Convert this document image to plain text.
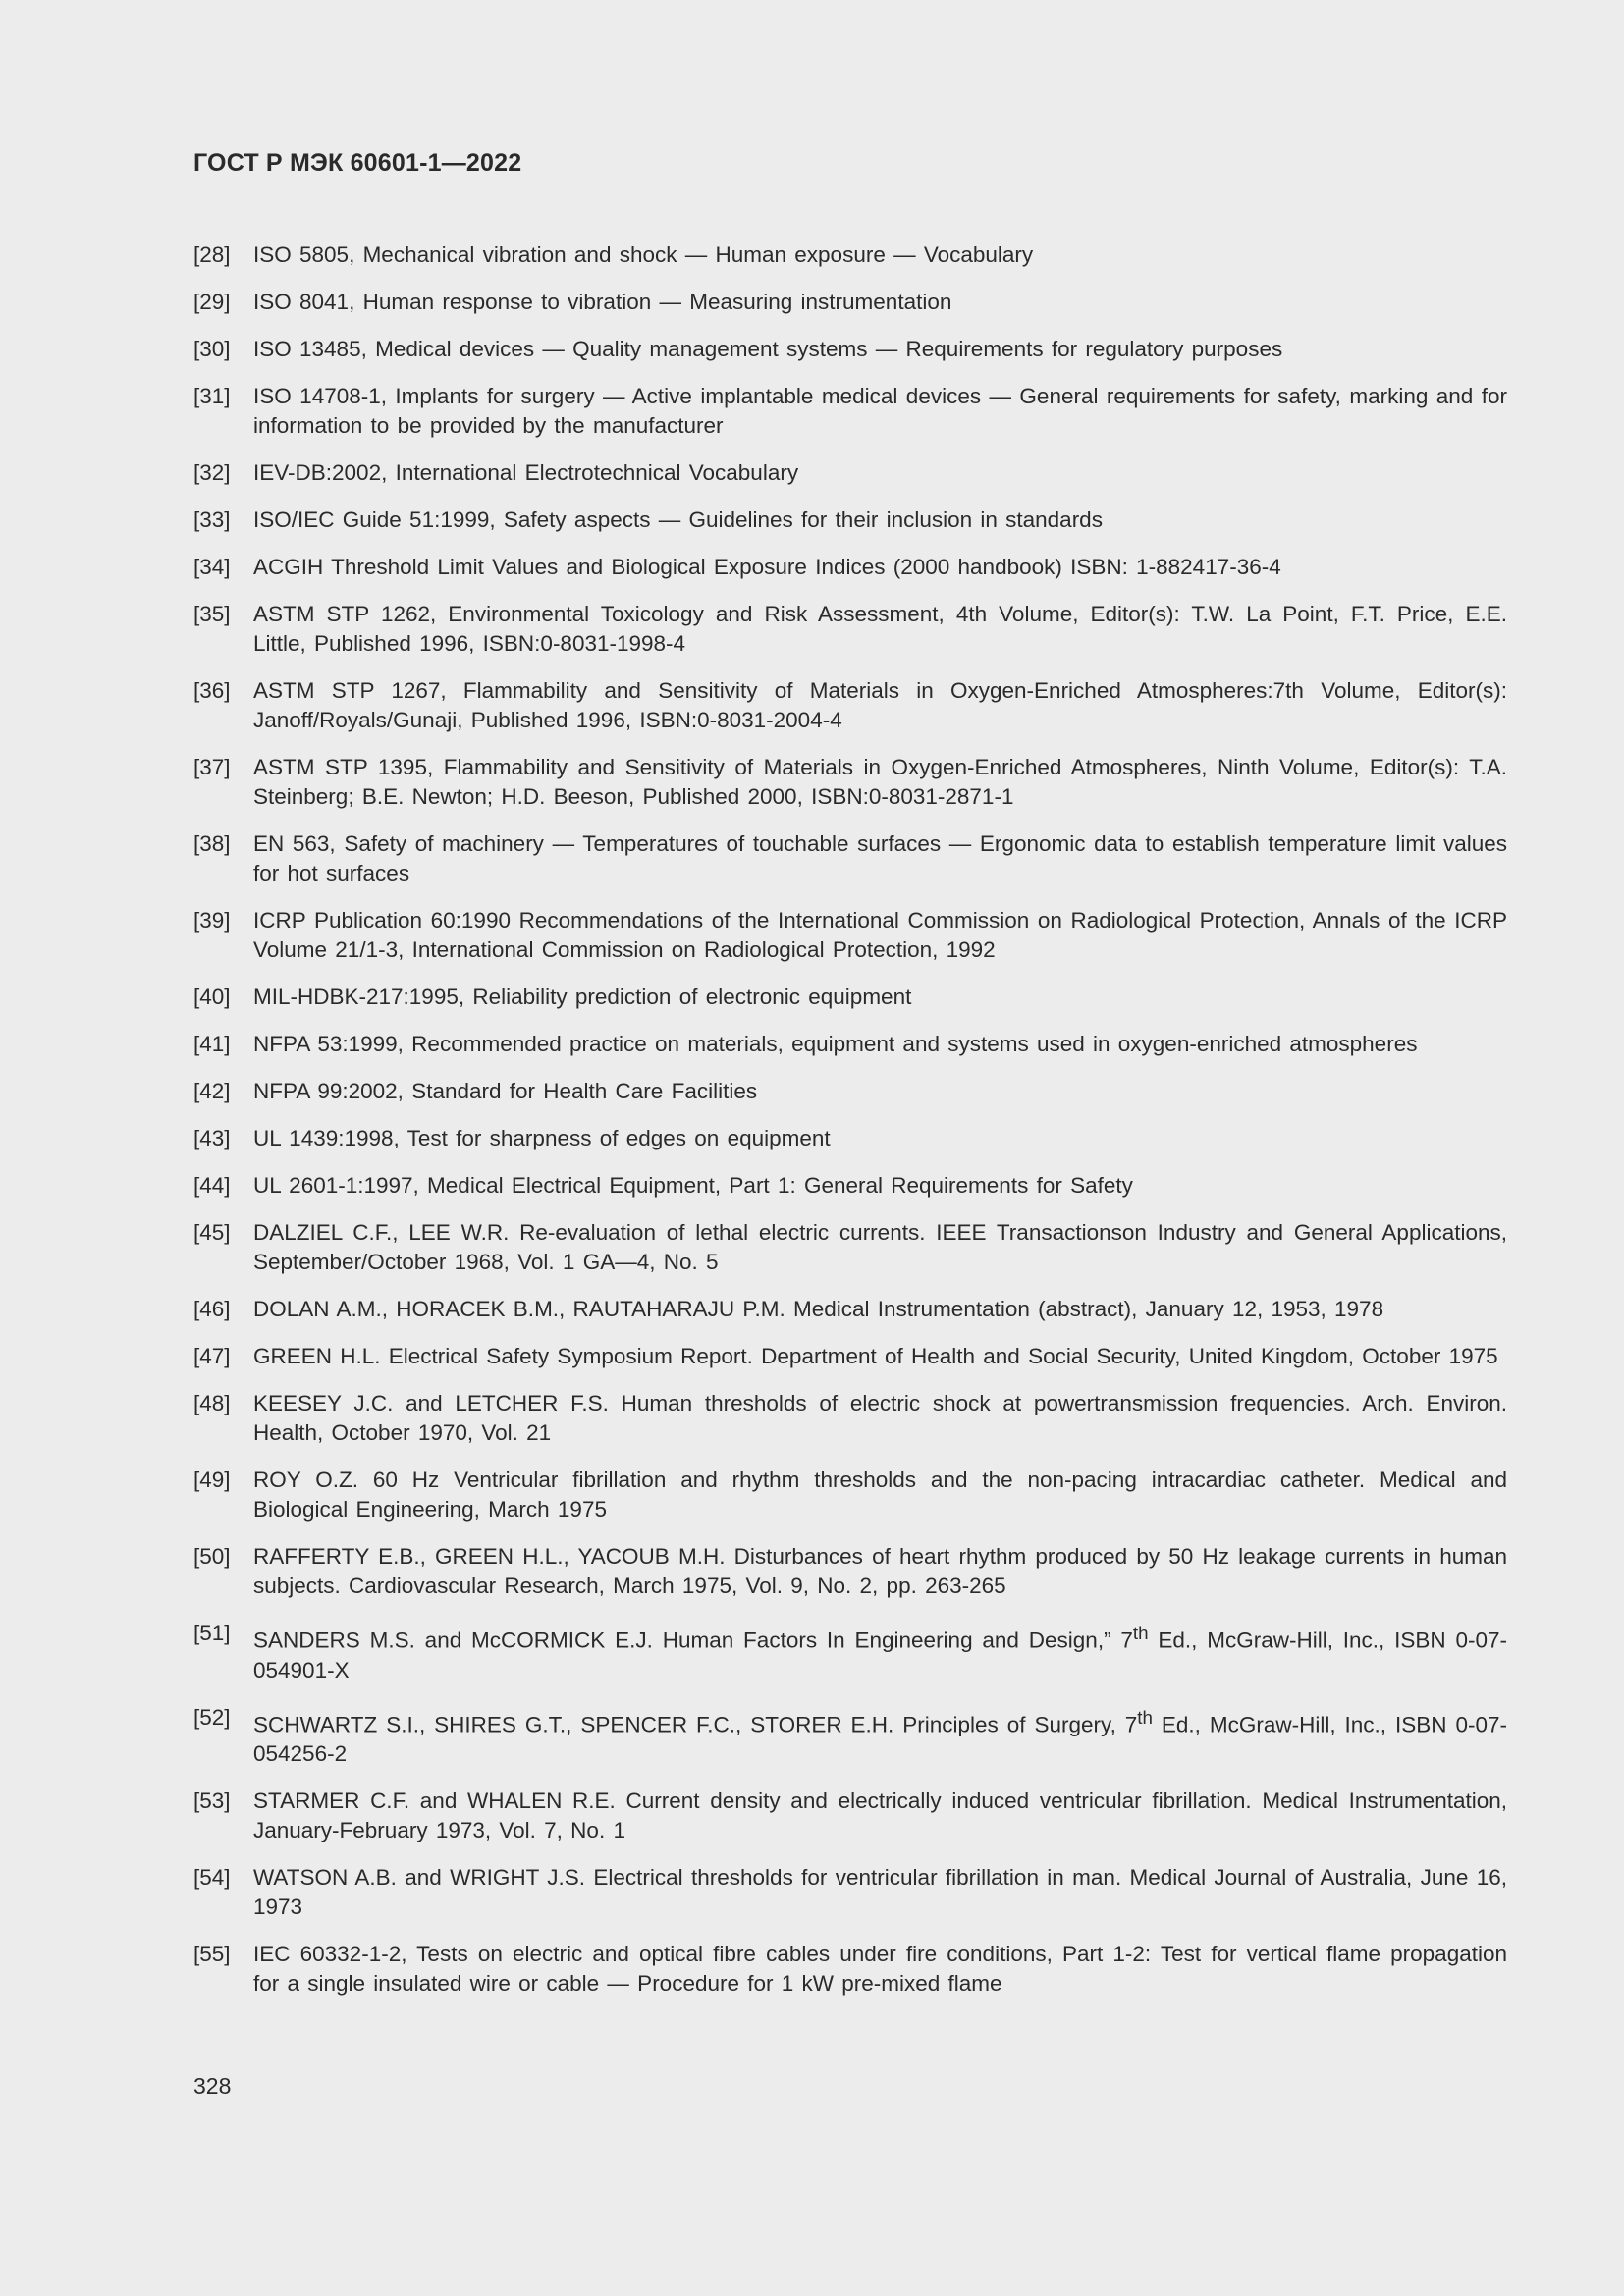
ГОСТ Р МЭК 60601-1—2022
[28]	ISO 5805, Mechanical vibration and shock — Human exposure — Vocabulary
[29]	ISO 8041, Human response to vibration — Measuring instrumentation
[30]	ISO 13485, Medical devices — Quality management systems — Requirements for regulatory purposes
[31]	ISO 14708-1, Implants for surgery — Active implantable medical devices — General requirements for safety, marking and for information to be provided by the manufacturer
[32]	IEV-DB:2002, International Electrotechnical Vocabulary
[33]	ISO/IEC Guide 51:1999, Safety aspects — Guidelines for their inclusion in standards
[34]	ACGIH Threshold Limit Values and Biological Exposure Indices (2000 handbook) ISBN: 1-882417-36-4
[35]	ASTM STP 1262, Environmental Toxicology and Risk Assessment, 4th Volume, Editor(s): T.W. La Point, F.T. Price, E.E. Little, Published 1996, ISBN:0-8031-1998-4
[36]	ASTM STP 1267, Flammability and Sensitivity of Materials in Oxygen-Enriched Atmospheres:7th Volume, Editor(s): Janoff/Royals/Gunaji, Published 1996, ISBN:0-8031-2004-4
[37]	ASTM STP 1395, Flammability and Sensitivity of Materials in Oxygen-Enriched Atmospheres, Ninth Volume, Editor(s): T.A. Steinberg; B.E. Newton; H.D. Beeson, Published 2000, ISBN:0-8031-2871-1
[38]	EN 563, Safety of machinery — Temperatures of touchable surfaces — Ergonomic data to establish temperature limit values for hot surfaces
[39]	ICRP Publication 60:1990 Recommendations of the International Commission on Radiological Protection, Annals of the ICRP Volume 21/1-3, International Commission on Radiological Protection, 1992
[40]	MIL-HDBK-217:1995, Reliability prediction of electronic equipment
[41]	NFPA 53:1999, Recommended practice on materials, equipment and systems used in oxygen-enriched atmospheres
[42]	NFPA 99:2002, Standard for Health Care Facilities
[43]	UL 1439:1998, Test for sharpness of edges on equipment
[44]	UL 2601-1:1997, Medical Electrical Equipment, Part 1: General Requirements for Safety
[45]	DALZIEL C.F., LEE W.R. Re-evaluation of lethal electric currents. IEEE Transactionson Industry and General Applications, September/October 1968, Vol. 1 GA—4, No. 5
[46]	DOLAN A.M., HORACEK B.M., RAUTAHARAJU P.M. Medical Instrumentation (abstract), January 12, 1953, 1978
[47]	GREEN H.L. Electrical Safety Symposium Report. Department of Health and Social Security, United Kingdom, October 1975
[48]	KEESEY J.C. and LETCHER F.S. Human thresholds of electric shock at powertransmission frequencies. Arch. Environ. Health, October 1970, Vol. 21
[49]	ROY O.Z. 60 Hz Ventricular fibrillation and rhythm thresholds and the non-pacing intracardiac catheter. Medical and Biological Engineering, March 1975
[50]	RAFFERTY E.B., GREEN H.L., YACOUB M.H. Disturbances of heart rhythm produced by 50 Hz leakage currents in human subjects. Cardiovascular Research, March 1975, Vol. 9, No. 2, pp. 263-265
[51]	SANDERS M.S. and McCORMICK E.J. Human Factors In Engineering and Design,” 7th Ed., McGraw-Hill, Inc., ISBN 0-07-054901-X
[52]	SCHWARTZ S.I., SHIRES G.T., SPENCER F.C., STORER E.H. Principles of Surgery, 7th Ed., McGraw-Hill, Inc., ISBN 0-07-054256-2
[53]	STARMER C.F. and WHALEN R.E. Current density and electrically induced ventricular fibrillation. Medical Instrumentation, January-February 1973, Vol. 7, No. 1
[54]	WATSON A.B. and WRIGHT J.S. Electrical thresholds for ventricular fibrillation in man. Medical Journal of Australia, June 16, 1973
[55]	IEC 60332-1-2, Tests on electric and optical fibre cables under fire conditions, Part 1-2: Test for vertical flame propagation for a single insulated wire or cable — Procedure for 1 kW pre-mixed flame
328
